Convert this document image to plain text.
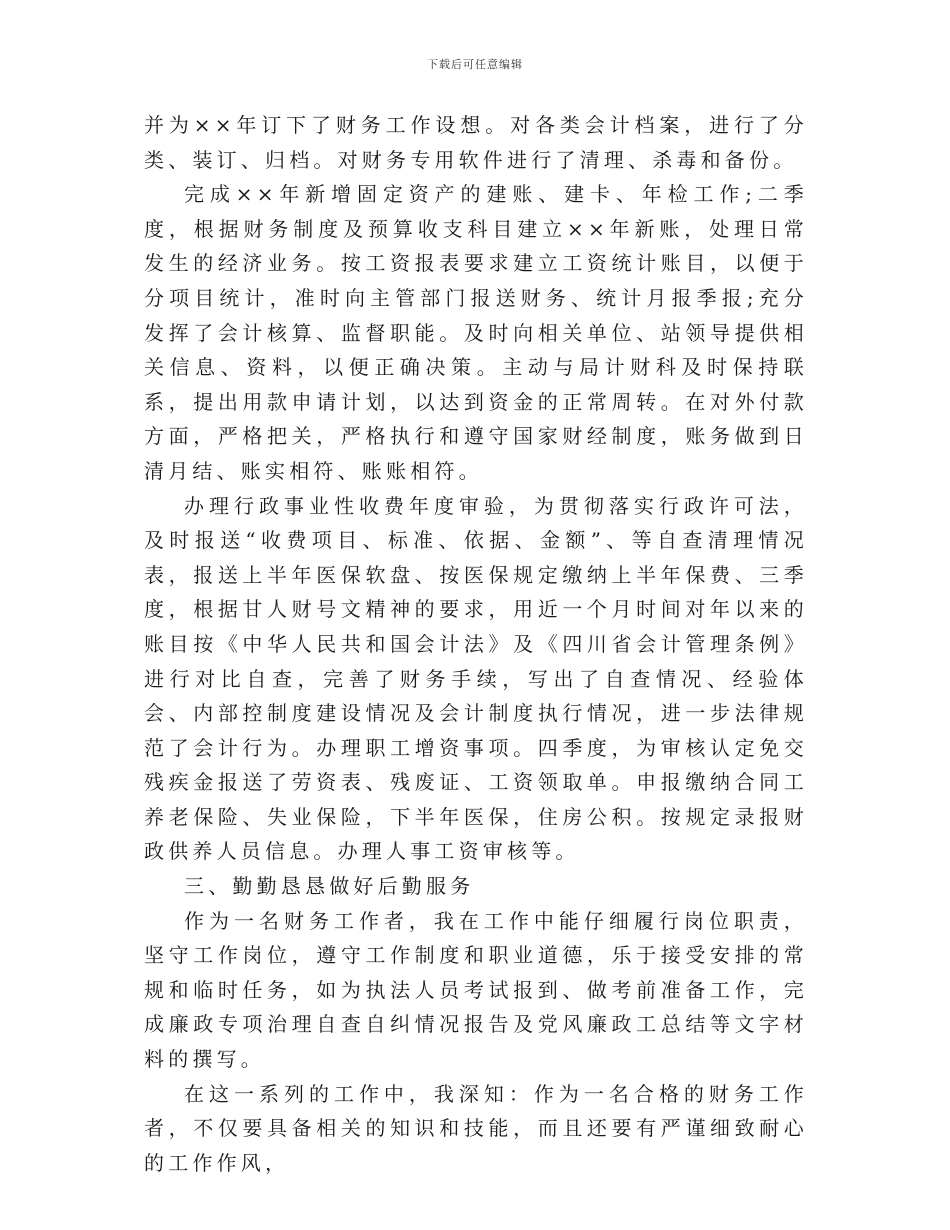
下载后可任意编辑

并为××年订下了财务工作设想。对各类会计档案，进行了分类、装订、归档。对财务专用软件进行了清理、杀毒和备份。

完成××年新增固定资产的建账、建卡、年检工作;二季度，根据财务制度及预算收支科目建立××年新账，处理日常发生的经济业务。按工资报表要求建立工资统计账目，以便于分项目统计，准时向主管部门报送财务、统计月报季报;充分发挥了会计核算、监督职能。及时向相关单位、站领导提供相关信息、资料，以便正确决策。主动与局计财科及时保持联系，提出用款申请计划，以达到资金的正常周转。在对外付款方面，严格把关，严格执行和遵守国家财经制度，账务做到日清月结、账实相符、账账相符。

办理行政事业性收费年度审验，为贯彻落实行政许可法，及时报送“收费项目、标准、依据、金额”、等自查清理情况表，报送上半年医保软盘、按医保规定缴纳上半年保费、三季度，根据甘人财号文精神的要求，用近一个月时间对年以来的账目按《中华人民共和国会计法》及《四川省会计管理条例》进行对比自查，完善了财务手续，写出了自查情况、经验体会、内部控制度建设情况及会计制度执行情况，进一步法律规范了会计行为。办理职工增资事项。四季度，为审核认定免交残疾金报送了劳资表、残废证、工资领取单。申报缴纳合同工养老保险、失业保险，下半年医保，住房公积。按规定录报财政供养人员信息。办理人事工资审核等。

三、勤勤恳恳做好后勤服务

作为一名财务工作者，我在工作中能仔细履行岗位职责，坚守工作岗位，遵守工作制度和职业道德，乐于接受安排的常规和临时任务，如为执法人员考试报到、做考前准备工作，完成廉政专项治理自查自纠情况报告及党风廉政工总结等文字材料的撰写。

在这一系列的工作中，我深知：作为一名合格的财务工作者，不仅要具备相关的知识和技能，而且还要有严谨细致耐心的工作作风，
